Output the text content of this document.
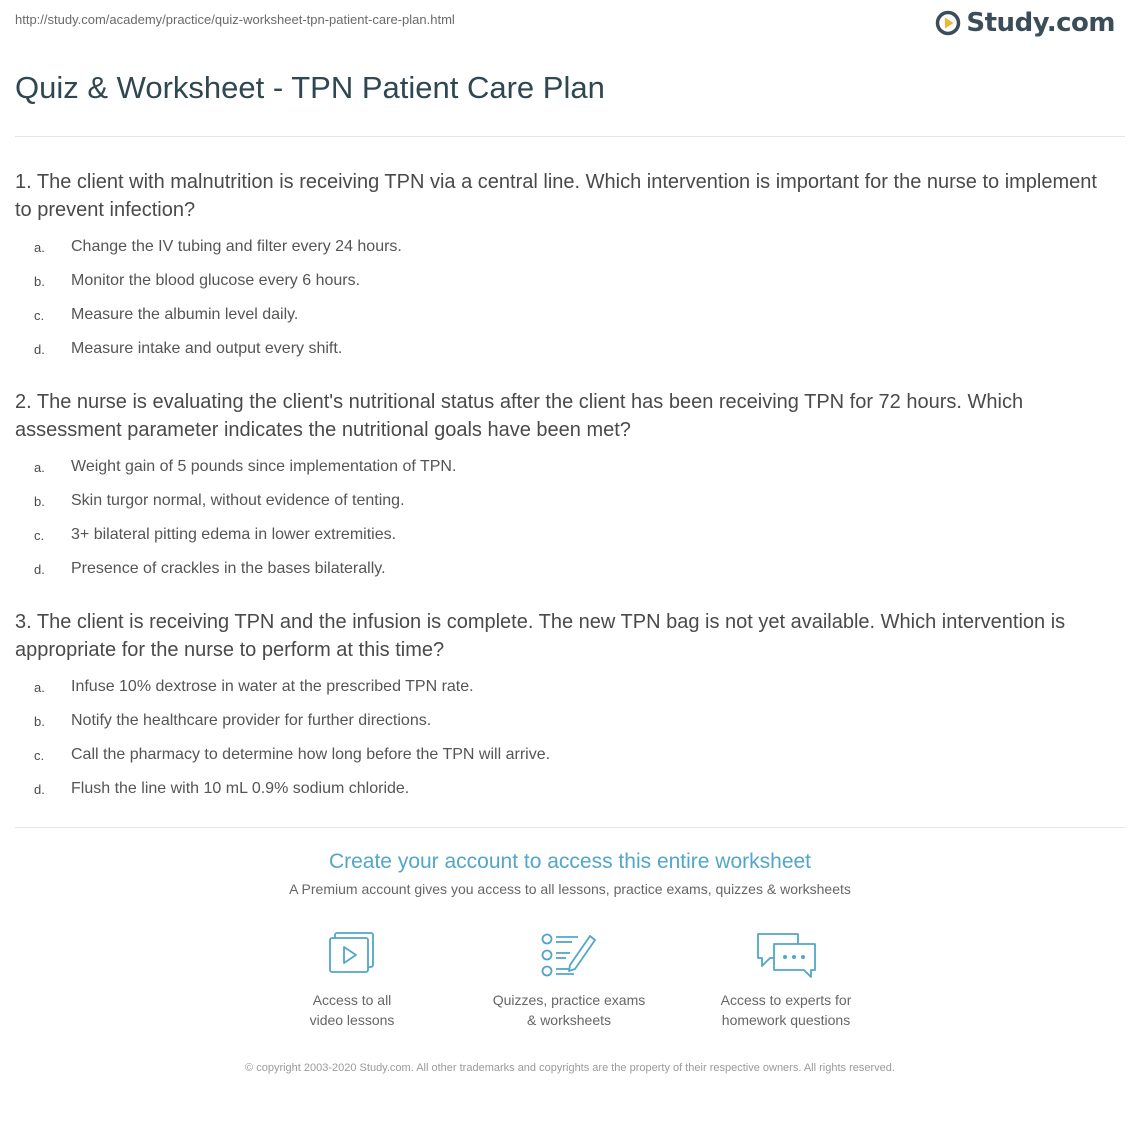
http://study.com/academy/practice/quiz-worksheet-tpn-patient-care-plan.html	Study.com
Quiz & Worksheet - TPN Patient Care Plan
1. The client with malnutrition is receiving TPN via a central line. Which intervention is important for the nurse to implement to prevent infection?
a.	Change the IV tubing and filter every 24 hours.
b.	Monitor the blood glucose every 6 hours.
c.	Measure the albumin level daily.
d.	Measure intake and output every shift.
2. The nurse is evaluating the client's nutritional status after the client has been receiving TPN for 72 hours. Which assessment parameter indicates the nutritional goals have been met?
a.	Weight gain of 5 pounds since implementation of TPN.
b.	Skin turgor normal, without evidence of tenting.
c.	3+ bilateral pitting edema in lower extremities.
d.	Presence of crackles in the bases bilaterally.
3. The client is receiving TPN and the infusion is complete. The new TPN bag is not yet available. Which intervention is appropriate for the nurse to perform at this time?
a.	Infuse 10% dextrose in water at the prescribed TPN rate.
b.	Notify the healthcare provider for further directions.
c.	Call the pharmacy to determine how long before the TPN will arrive.
d.	Flush the line with 10 mL 0.9% sodium chloride.
Create your account to access this entire worksheet
A Premium account gives you access to all lessons, practice exams, quizzes & worksheets
Access to all
video lessons
Quizzes, practice exams
& worksheets
Access to experts for
homework questions
© copyright 2003-2020 Study.com. All other trademarks and copyrights are the property of their respective owners. All rights reserved.
